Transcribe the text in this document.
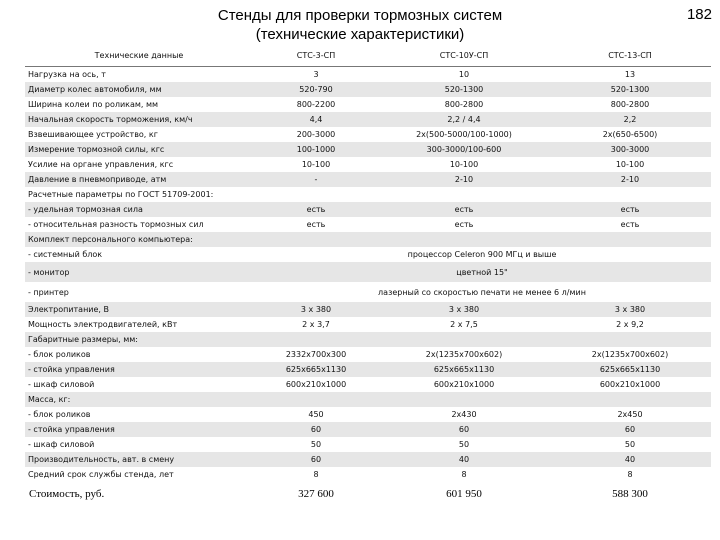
Стенды для проверки тормозных систем
(технические характеристики)
182
Технические данные	СТС-3-СП	СТС-10У-СП	СТС-13-СП
Нагрузка на ось, т	3	10	13
Диаметр колес автомобиля, мм	520-790	520-1300	520-1300
Ширина колеи по роликам, мм	800-2200	800-2800	800-2800
Начальная скорость торможения, км/ч	4,4	2,2 / 4,4	2,2
Взвешивающее устройство, кг	200-3000	2х(500-5000/100-1000)	2х(650-6500)
Измерение тормозной силы, кгс	100-1000	300-3000/100-600	300-3000
Усилие на органе управления, кгс	10-100	10-100	10-100
Давление в пневмоприводе, атм	-	2-10	2-10
Расчетные параметры по ГОСТ 51709-2001:			
- удельная тормозная сила	есть	есть	есть
- относительная разность тормозных сил	есть	есть	есть
Комплект персонального компьютера:			
- системный блок	процессор Celeron 900 МГц и выше		
- монитор	цветной 15"		
- принтер	лазерный со скоростью печати не менее 6 л/мин		
Электропитание, В	3 х 380	3 х 380	3 х 380
Мощность электродвигателей, кВт	2 х 3,7	2 х 7,5	2 х 9,2
Габаритные размеры, мм:			
- блок роликов	2332х700х300	2х(1235х700х602)	2х(1235х700х602)
- стойка управления	625х665х1130	625х665х1130	625х665х1130
- шкаф силовой	600х210х1000	600х210х1000	600х210х1000
Масса, кг:			
- блок роликов	450	2х430	2х450
- стойка управления	60	60	60
- шкаф силовой	50	50	50
Производительность, авт. в смену	60	40	40
Средний срок службы стенда, лет	8	8	8
Стоимость, руб.	327 600	601 950	588 300
